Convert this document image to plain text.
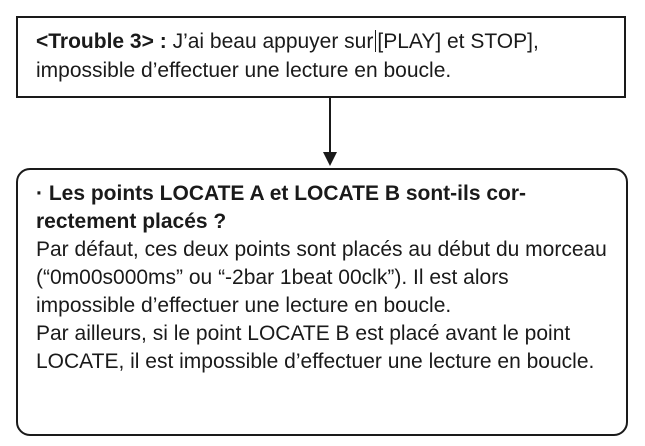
<Trouble 3> : J’ai beau appuyer sur [PLAY] et STOP], impossible d’effectuer une lecture en boucle.

· Les points LOCATE A et LOCATE B sont-ils cor-rectement placés ?

Par défaut, ces deux points sont placés au début du morceau (“0m00s000ms” ou “-2bar 1beat 00clk”). Il est alors impossible d’effectuer une lecture en boucle.

Par ailleurs, si le point LOCATE B est placé avant le point LOCATE, il est impossible d’effectuer une lecture en boucle.
